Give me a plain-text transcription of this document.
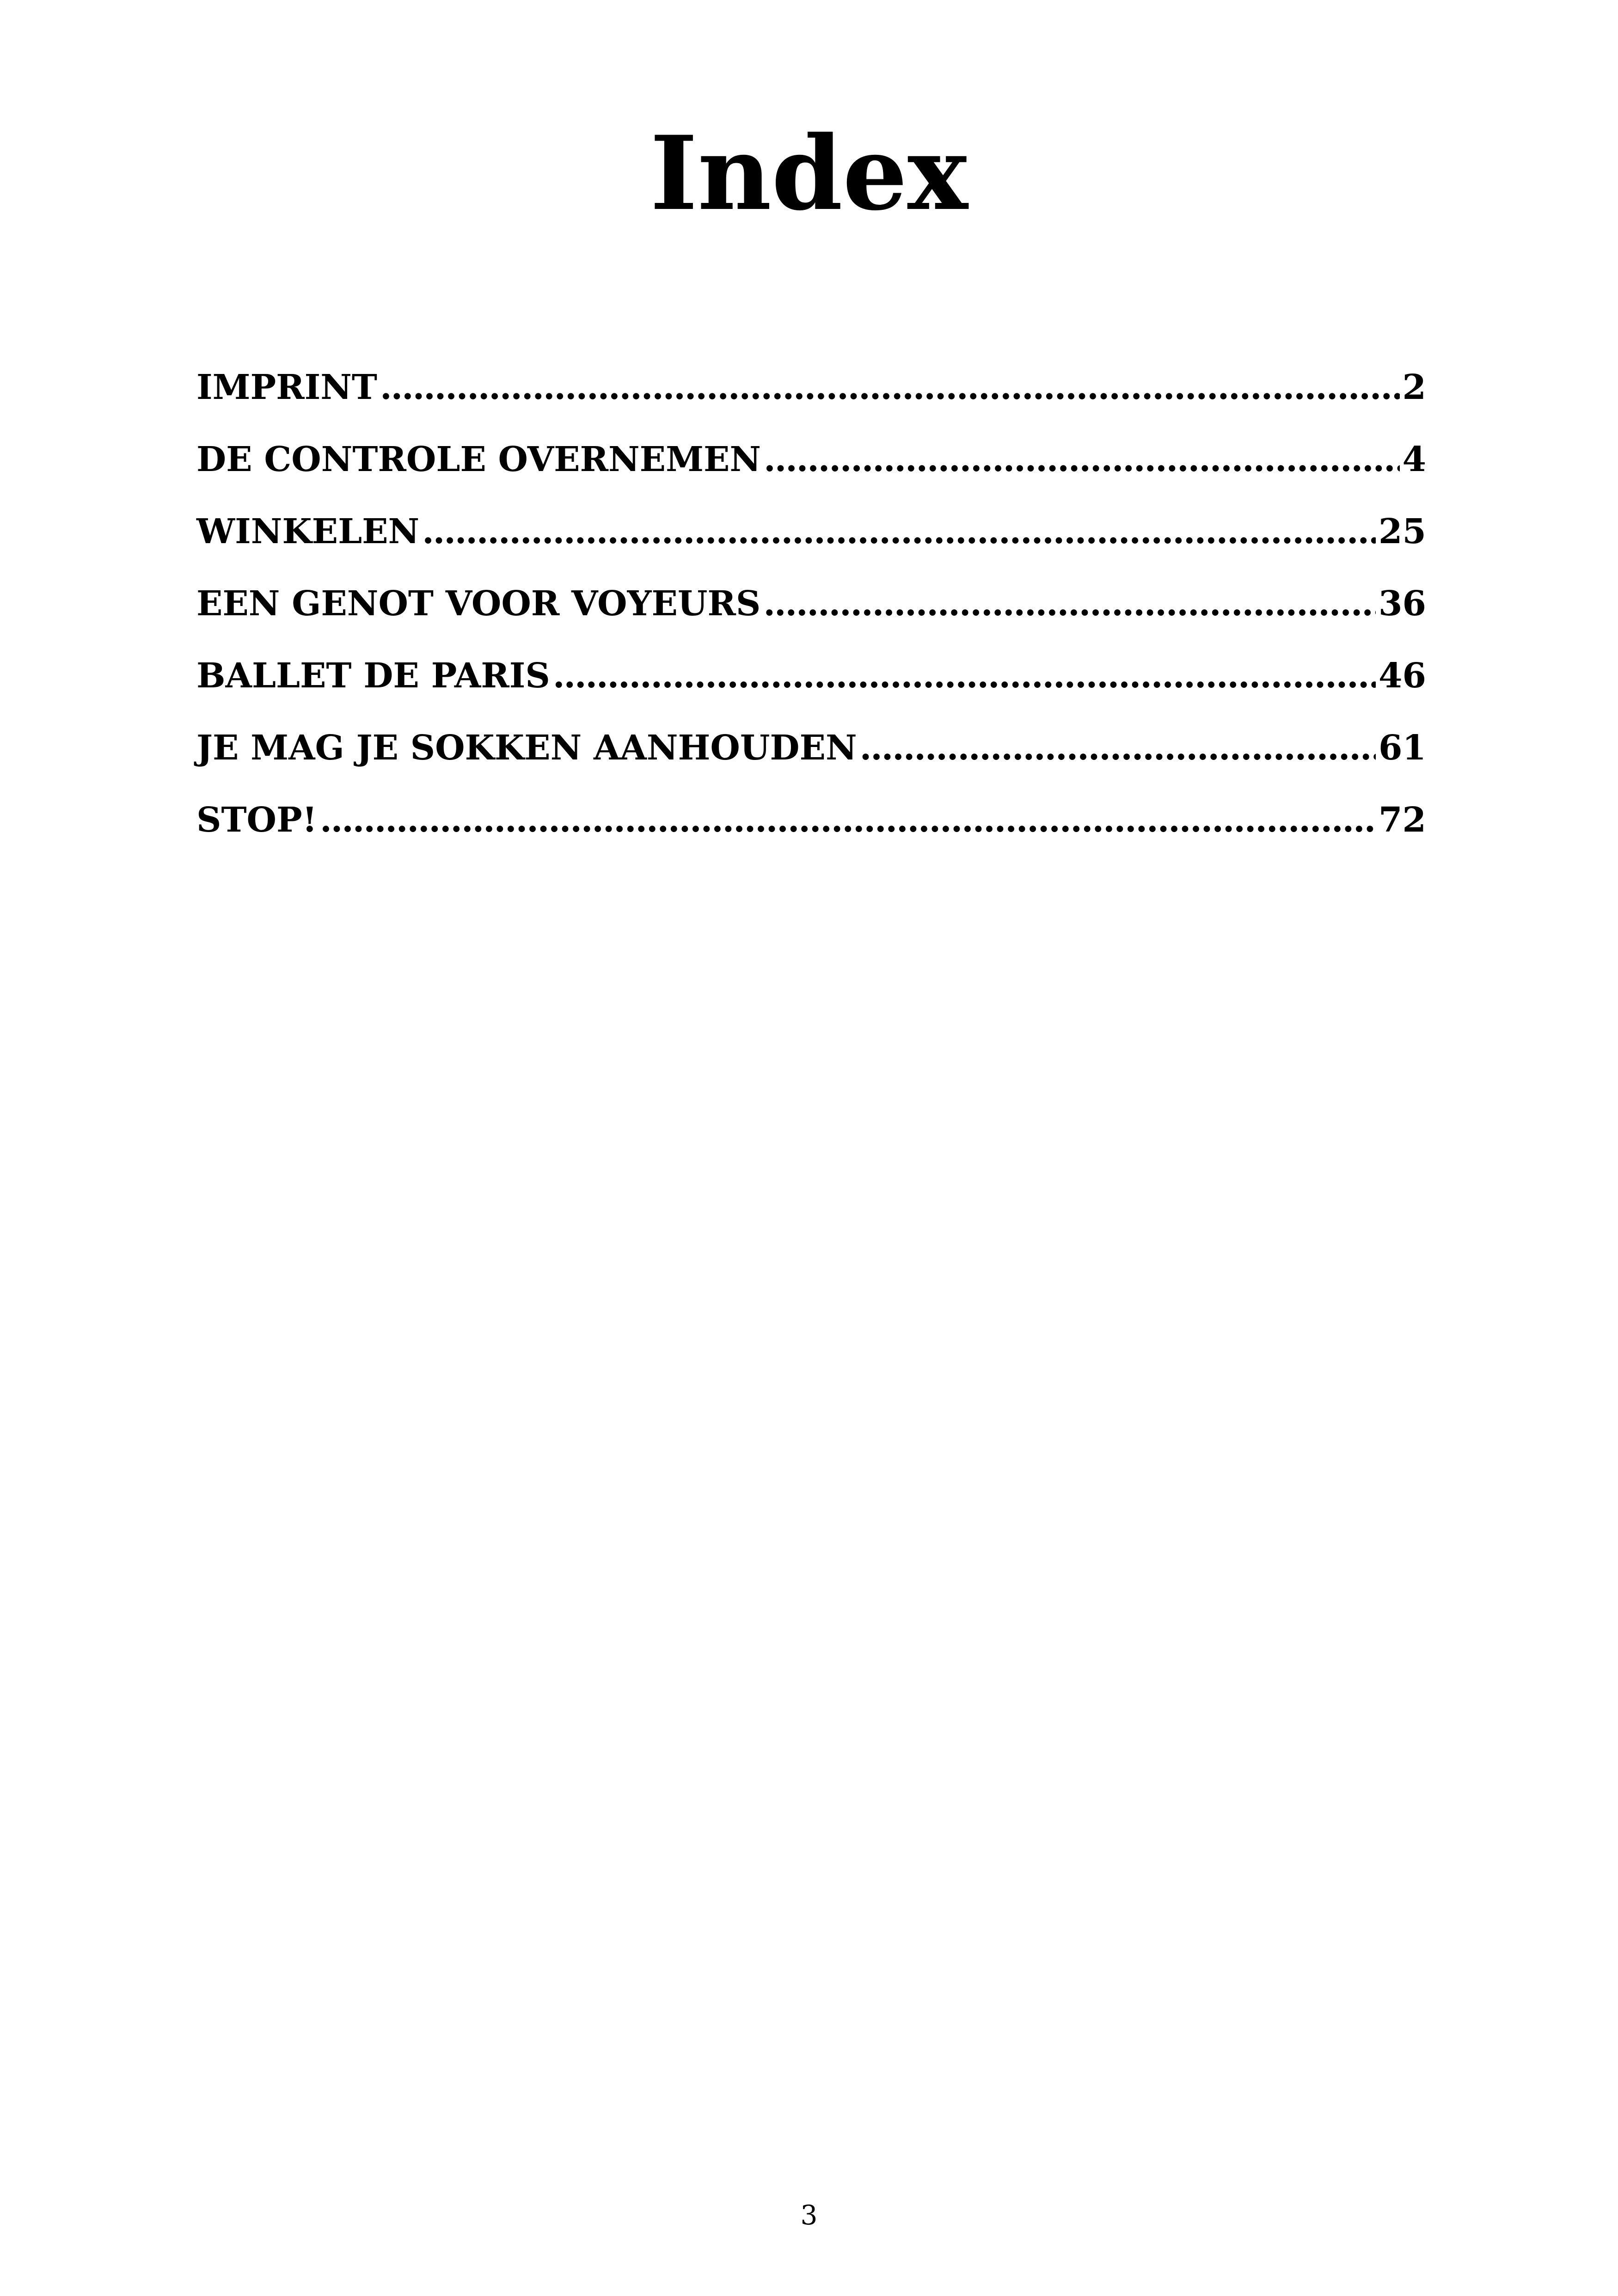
Index
IMPRINT . . .	2
DE CONTROLE OVERNEMEN . . .	4
WINKELEN . . .	25
EEN GENOT VOOR VOYEURS . . .	36
BALLET DE PARIS . . .	46
JE MAG JE SOKKEN AANHOUDEN . . .	61
STOP! . . .	72
3
